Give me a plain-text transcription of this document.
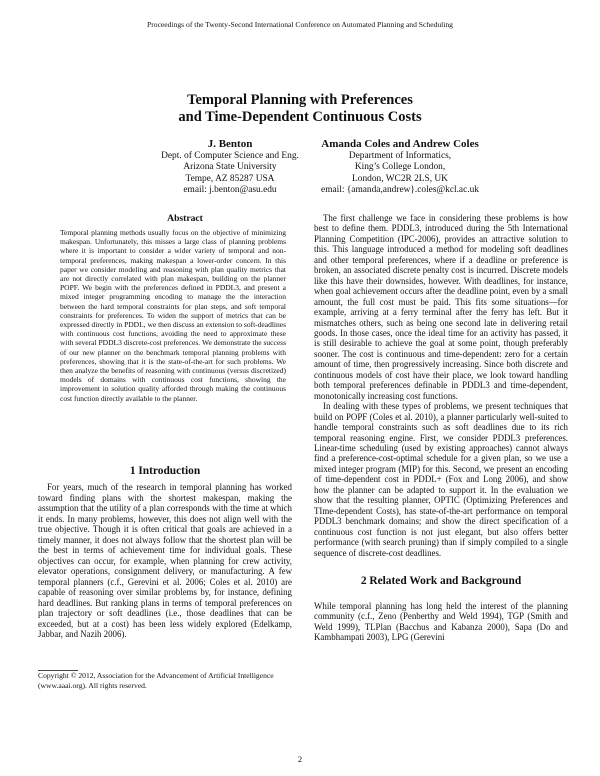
Proceedings of the Twenty-Second International Conference on Automated Planning and Scheduling
Temporal Planning with Preferences
and Time-Dependent Continuous Costs
J. Benton
Dept. of Computer Science and Eng.
Arizona State University
Tempe, AZ 85287 USA
email: j.benton@asu.edu
Amanda Coles and Andrew Coles
Department of Informatics,
King’s College London,
London, WC2R 2LS, UK
email: {amanda,andrew}.coles@kcl.ac.uk
Abstract
Temporal planning methods usually focus on the objective of minimizing makespan. Unfortunately, this misses a large class of planning problems where it is important to consider a wider variety of temporal and non-temporal preferences, making makespan a lower-order concern. In this paper we consider modeling and reasoning with plan quality metrics that are not directly correlated with plan makespan, building on the planner POPF. We begin with the preferences defined in PDDL3, and present a mixed integer programming encoding to manage the the interaction between the hard temporal constraints for plan steps, and soft temporal constraints for preferences. To widen the support of metrics that can be expressed directly in PDDL, we then discuss an extension to soft-deadlines with continuous cost functions, avoiding the need to approximate these with several PDDL3 discrete-cost preferences. We demonstrate the success of our new planner on the benchmark temporal planning problems with preferences, showing that it is the state-of-the-art for such problems. We then analyze the benefits of reasoning with continuous (versus discretized) models of domains with continuous cost functions, showing the improvement in solution quality afforded through making the continuous cost function directly available to the planner.
1 Introduction

For years, much of the research in temporal planning has worked toward finding plans with the shortest makespan, making the assumption that the utility of a plan corresponds with the time at which it ends. In many problems, however, this does not align well with the true objective. Though it is often critical that goals are achieved in a timely manner, it does not always follow that the shortest plan will be the best in terms of achievement time for individual goals. These objectives can occur, for example, when planning for crew activity, elevator operations, consignment delivery, or manufacturing. A few temporal planners (c.f., Gerevini et al. 2006; Coles et al. 2010) are capable of reasoning over similar problems by, for instance, defining hard deadlines. But ranking plans in terms of temporal preferences on plan trajectory or soft deadlines (i.e., those deadlines that can be exceeded, but at a cost) has been less widely explored (Edelkamp, Jabbar, and Nazih 2006).

Copyright © 2012, Association for the Advancement of Artificial Intelligence (www.aaai.org). All rights reserved.

The first challenge we face in considering these problems is how best to define them. PDDL3, introduced during the 5th International Planning Competition (IPC-2006), provides an attractive solution to this. This language introduced a method for modeling soft deadlines and other temporal preferences, where if a deadline or preference is broken, an associated discrete penalty cost is incurred. Discrete models like this have their downsides, however. With deadlines, for instance, when goal achievement occurs after the deadline point, even by a small amount, the full cost must be paid. This fits some situations—for example, arriving at a ferry terminal after the ferry has left. But it mismatches others, such as being one second late in delivering retail goods. In those cases, once the ideal time for an activity has passed, it is still desirable to achieve the goal at some point, though preferably sooner. The cost is continuous and time-dependent: zero for a certain amount of time, then progressively increasing. Since both discrete and continuous models of cost have their place, we look toward handling both temporal preferences definable in PDDL3 and time-dependent, monotonically increasing cost functions.

In dealing with these types of problems, we present techniques that build on POPF (Coles et al. 2010), a planner particularly well-suited to handle temporal constraints such as soft deadlines due to its rich temporal reasoning engine. First, we consider PDDL3 preferences. Linear-time scheduling (used by existing approaches) cannot always find a preference-cost-optimal schedule for a given plan, so we use a mixed integer program (MIP) for this. Second, we present an encoding of time-dependent cost in PDDL+ (Fox and Long 2006), and show how the planner can be adapted to support it. In the evaluation we show that the resulting planner, OPTIC (Optimizing Preferences and TIme-dependent Costs), has state-of-the-art performance on temporal PDDL3 benchmark domains; and show the direct specification of a continuous cost function is not just elegant, but also offers better performance (with search pruning) than if simply compiled to a single sequence of discrete-cost deadlines.

2 Related Work and Background

While temporal planning has long held the interest of the planning community (c.f., Zeno (Penberthy and Weld 1994), TGP (Smith and Weld 1999), TLPlan (Bacchus and Kabanza 2000), Sapa (Do and Kambhampati 2003), LPG (Gerevini

2
